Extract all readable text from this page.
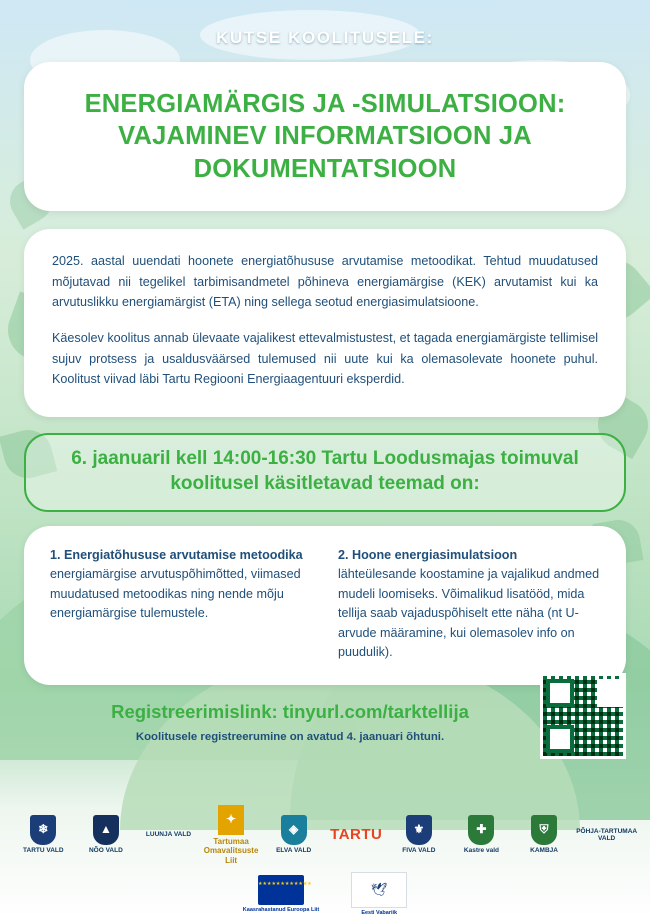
KUTSE KOOLITUSELE:
ENERGIAMÄRGIS JA -SIMULATSIOON: VAJAMINEV INFORMATSIOON JA DOKUMENTATSIOON

2025. aastal uuendati hoonete energiatõhususe arvutamise metoodikat. Tehtud muudatused mõjutavad nii tegelikel tarbimisandmetel põhineva energiamärgise (KEK) arvutamist kui ka arvutuslikku energiamärgist (ETA) ning sellega seotud energiasimulatsioone.

Käesolev koolitus annab ülevaate vajalikest ettevalmistustest, et tagada energiamärgiste tellimisel sujuv protsess ja usaldusväärsed tulemused nii uute kui ka olemasolevate hoonete puhul. Koolitust viivad läbi Tartu Regiooni Energiaagentuuri eksperdid.

6. jaanuaril kell 14:00-16:30 Tartu Loodusmajas toimuval koolitusel käsitletavad teemad on:
1. Energiatõhususe arvutamise metoodika
energiamärgise arvutuspõhimõtted, viimased muudatused metoodikas ning nende mõju energiamärgise tulemustele.
2. Hoone energiasimulatsioon
lähteülesande koostamine ja vajalikud andmed mudeli loomiseks. Võimalikud lisatööd, mida tellija saab vajaduspõhiselt ette näha (nt U-arvude määramine, kui olemasolev info on puudulik).
Registreerimislink: tinyurl.com/tarktellija
Koolitusele registreerumine on avatud 4. jaanuari õhtuni.
❄
TARTU VALD
▲
NÕO VALD
LUUNJA VALD
✦
Tartumaa Omavalitsuste Liit
◈
ELVA VALD
TARTU	⚜
FIVA VALD
✚
Kastre vald
⛨
KAMBJA
PÕHJA-TARTUMAA VALD
★★★★★★★★★★★★
Kaasrahastanud Euroopa Liit
🕊
Eesti Vabariik
